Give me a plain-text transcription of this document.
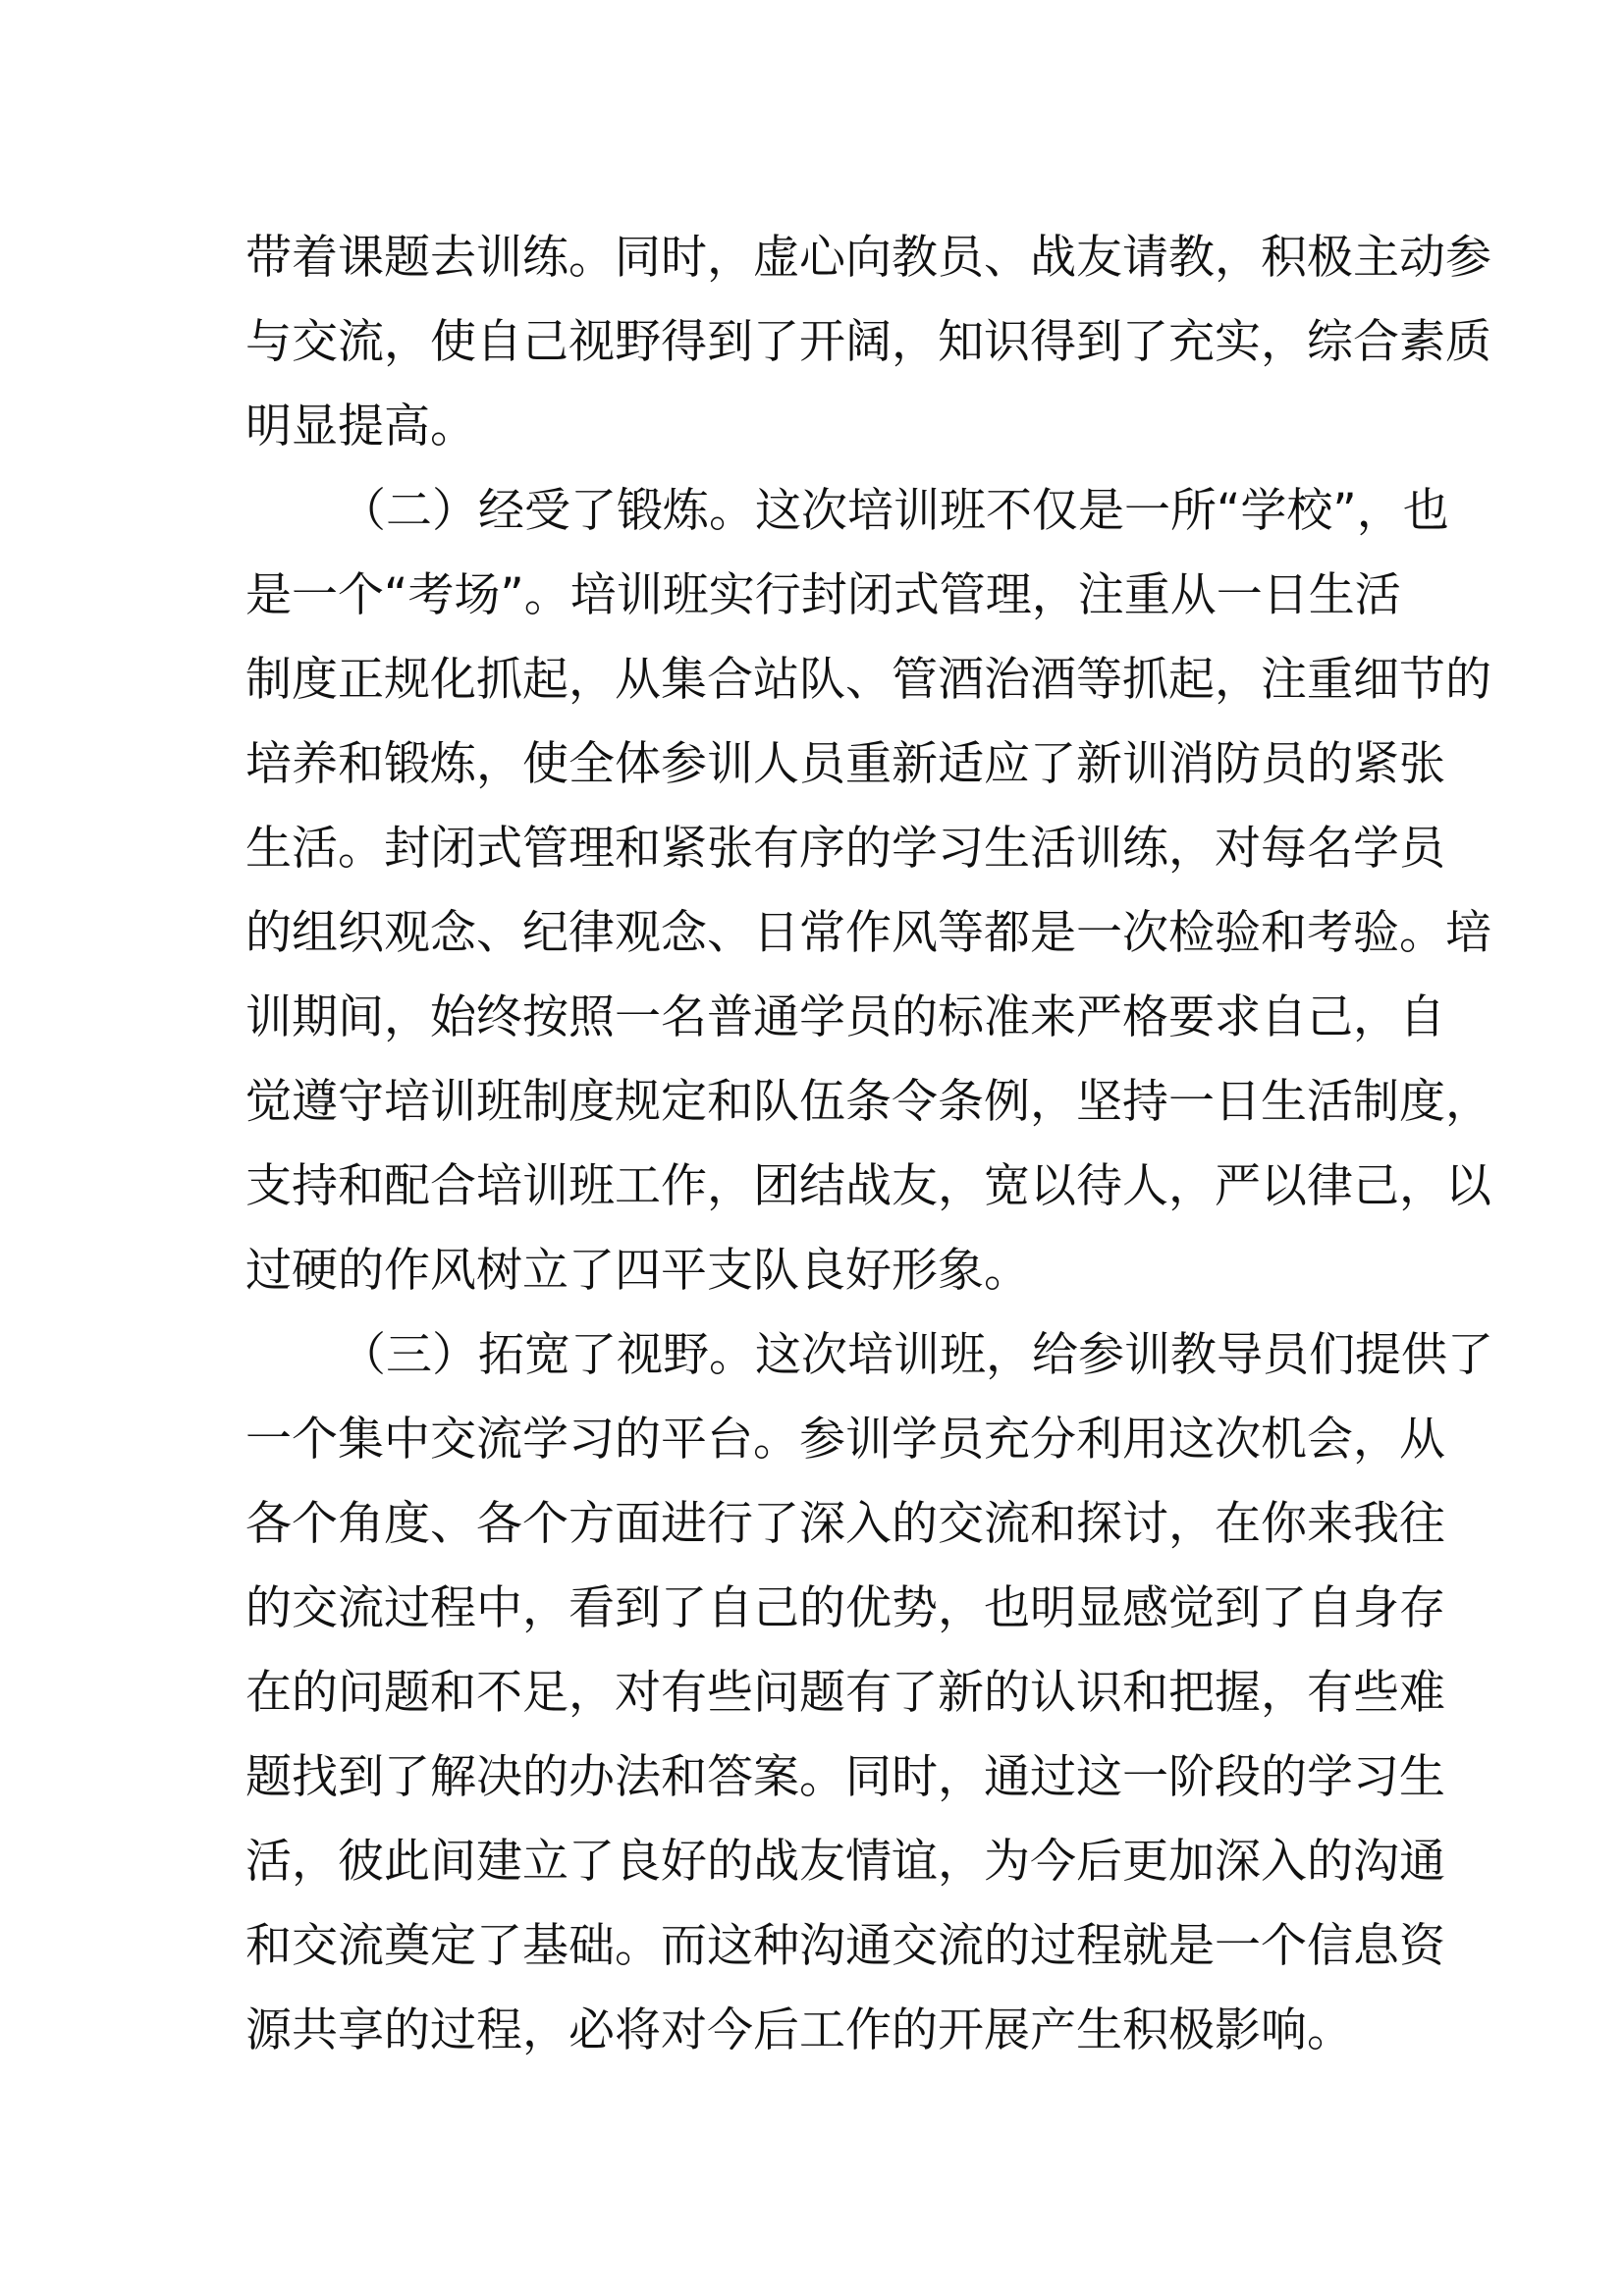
带着课题去训练。同时，虚心向教员、战友请教，积极主动参
与交流，使自己视野得到了开阔，知识得到了充实，综合素质
明显提高。
（二）经受了锻炼。这次培训班不仅是一所“学校”，也
是一个“考场”。培训班实行封闭式管理，注重从一日生活
制度正规化抓起，从集合站队、管酒治酒等抓起，注重细节的
培养和锻炼，使全体参训人员重新适应了新训消防员的紧张
生活。封闭式管理和紧张有序的学习生活训练，对每名学员
的组织观念、纪律观念、日常作风等都是一次检验和考验。培
训期间，始终按照一名普通学员的标准来严格要求自己，自
觉遵守培训班制度规定和队伍条令条例，坚持一日生活制度，
支持和配合培训班工作，团结战友，宽以待人，严以律己，以
过硬的作风树立了四平支队良好形象。
（三）拓宽了视野。这次培训班，给参训教导员们提供了
一个集中交流学习的平台。参训学员充分利用这次机会，从
各个角度、各个方面进行了深入的交流和探讨，在你来我往
的交流过程中，看到了自己的优势，也明显感觉到了自身存
在的问题和不足，对有些问题有了新的认识和把握，有些难
题找到了解决的办法和答案。同时，通过这一阶段的学习生
活，彼此间建立了良好的战友情谊，为今后更加深入的沟通
和交流奠定了基础。而这种沟通交流的过程就是一个信息资
源共享的过程，必将对今后工作的开展产生积极影响。
